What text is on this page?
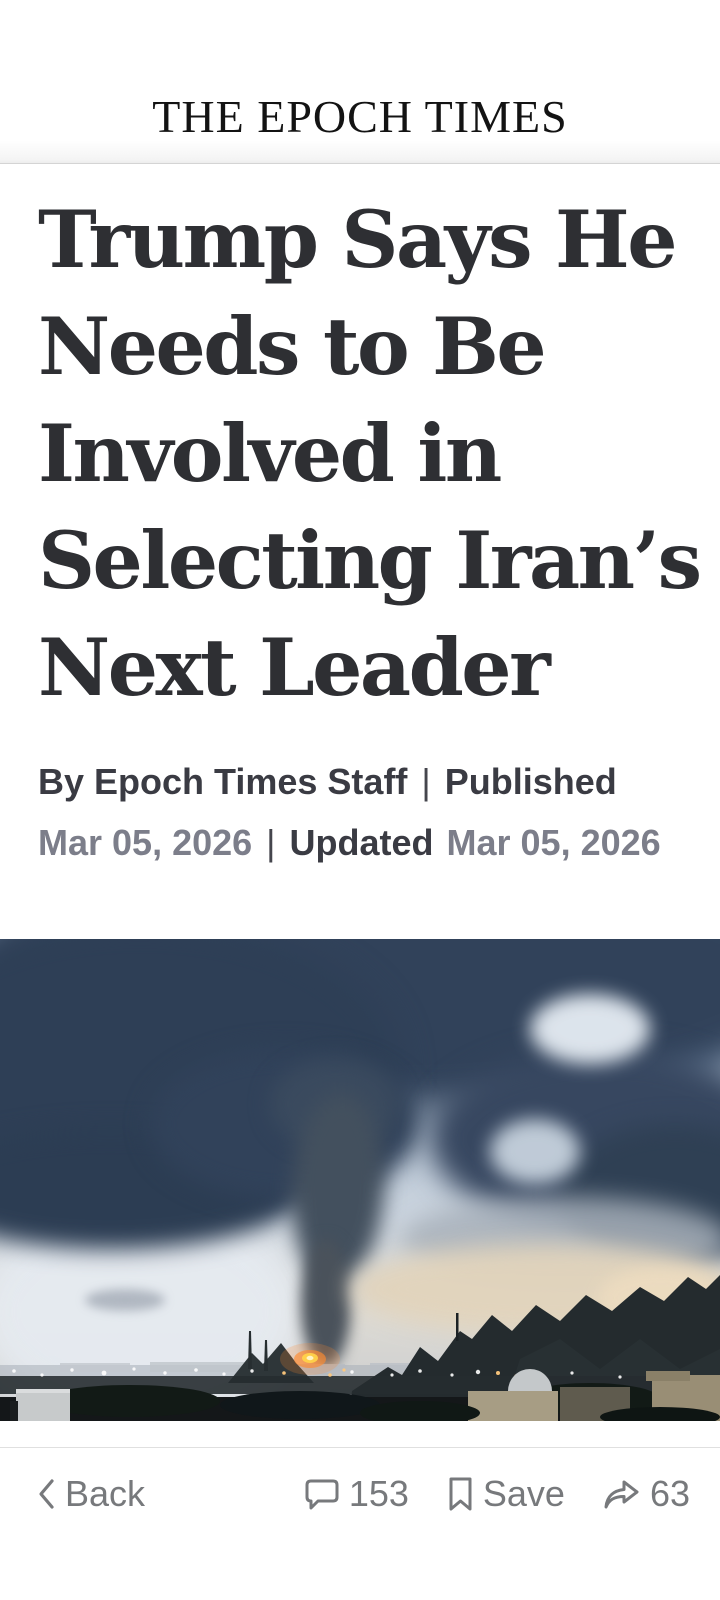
THE EPOCH TIMES
Trump Says He
Needs to Be
Involved in
Selecting Iran’s
Next Leader
By Epoch Times Staff | Published
Mar 05, 2026 | Updated Mar 05, 2026
Back	153 Save 63
